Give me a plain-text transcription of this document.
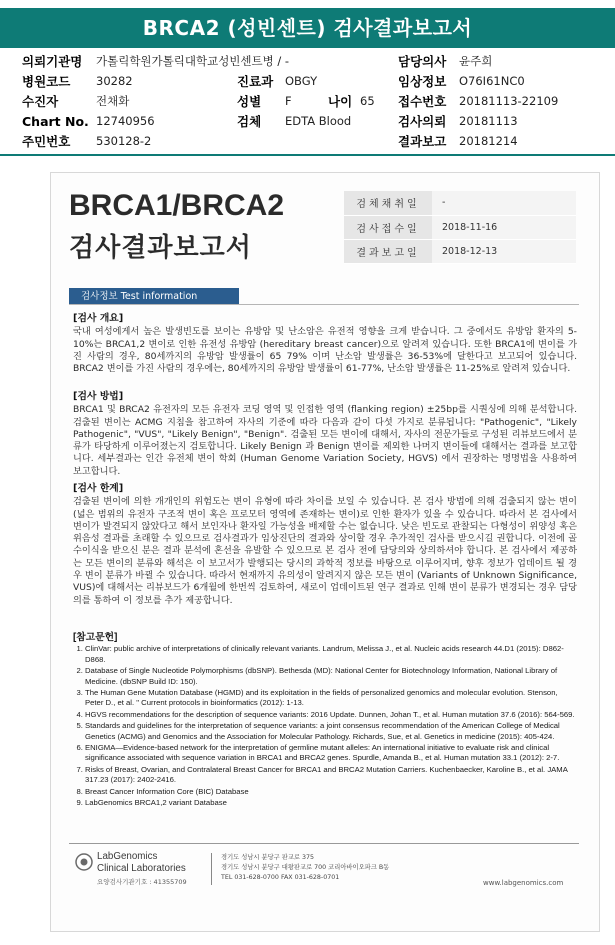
BRCA2 (성빈센트) 검사결과보고서
의뢰기관명 가톨릭학원가톨릭대학교성빈센트병 / -	담당의사 윤주희
병원코드 30282	진료과 OBGY	임상정보 O76I61NC0
수진자	전채화	성별 F	나이 65 접수번호 20181113-22109
Chart No. 12740956	검체 EDTA Blood	검사의뢰 20181113
주민번호 530128-2	결과보고 20181214
BRCA1/BRCA2
검사결과보고서
검체채취일	-
검사접수일	2018-11-16
결과보고일	2018-12-13
검사정보 Test information
[검사 개요]
국내 여성에게서 높은 발생빈도를 보이는 유방암 및 난소암은 유전적 영향을 크게 받습니다. 그 중에서도 유방암 환자의 5-10%는 BRCA1,2 변이로 인한 유전성 유방암 (hereditary breast cancer)으로 알려져 있습니다. 또한 BRCA1에 변이를 가진 사람의 경우, 80세까지의 유방암 발생률이 65 79% 이며 난소암 발생률은 36-53%에 달한다고 보고되어 있습니다. BRCA2 변이를 가진 사람의 경우에는, 80세까지의 유방암 발생률이 61-77%, 난소암 발생률은 11-25%로 알려져 있습니다.
[검사 방법]
BRCA1 및 BRCA2 유전자의 모든 유전자 코딩 영역 및 인접한 영역 (flanking region) ±25bp를 시퀀싱에 의해 분석합니다. 검출된 변이는 ACMG 지침을 참고하여 자사의 기준에 따라 다음과 같이 다섯 가지로 분류됩니다: "Pathogenic", "Likely Pathogenic", "VUS", "Likely Benign", "Benign". 검출된 모든 변이에 대해서, 자사의 전문가들로 구성된 리뷰보드에서 분류가 타당하게 이루어졌는지 검토합니다. Likely Benign 과 Benign 변이를 제외한 나머지 변이들에 대해서는 결과를 보고합니다. 세부결과는 인간 유전체 변이 학회 (Human Genome Variation Society, HGVS) 에서 권장하는 명명법을 사용하여 보고합니다.
[검사 한계]
검출된 변이에 의한 개개인의 위험도는 변이 유형에 따라 차이를 보일 수 있습니다. 본 검사 방법에 의해 검출되지 않는 변이 (넓은 범위의 유전자 구조적 변이 혹은 프로모터 영역에 존재하는 변이)로 인한 환자가 있을 수 있습니다. 따라서 본 검사에서 변이가 발견되지 않았다고 해서 보인자나 환자일 가능성을 배제할 수는 없습니다. 낮은 빈도로 관찰되는 다형성이 위양성 혹은 위음성 결과를 초래할 수 있으므로 검사결과가 임상진단의 결과와 상이할 경우 추가적인 검사를 받으시길 권합니다. 이전에 골수이식을 받으신 분은 결과 분석에 혼선을 유발할 수 있으므로 본 검사 전에 담당의와 상의하셔야 합니다. 본 검사에서 제공하는 모든 변이의 분류와 해석은 이 보고서가 발행되는 당시의 과학적 정보를 바탕으로 이루어지며, 향후 정보가 업데이트 될 경우 변이 분류가 바뀔 수 있습니다. 따라서 현재까지 유의성이 알려지지 않은 모든 변이 (Variants of Unknown Significance, VUS)에 대해서는 리뷰보드가 6개월에 한번씩 검토하여, 새로이 업데이트된 연구 결과로 인해 변이 분류가 변경되는 경우 담당의를 통하여 이 정보를 추가 제공합니다.
[참고문헌]
1. ClinVar: public archive of interpretations of clinically relevant variants. Landrum, Melissa J., et al. Nucleic acids research 44.D1 (2015): D862-D868.
2. Database of Single Nucleotide Polymorphisms (dbSNP). Bethesda (MD): National Center for Biotechnology Information, National Library of Medicine. (dbSNP Build ID: 150).
3. The Human Gene Mutation Database (HGMD) and its exploitation in the fields of personalized genomics and molecular evolution. Stenson, Peter D., et al. " Current protocols in bioinformatics (2012): 1-13.
4. HGVS recommendations for the description of sequence variants: 2016 Update. Dunnen, Johan T., et al. Human mutation 37.6 (2016): 564-569.
5. Standards and guidelines for the interpretation of sequence variants: a joint consensus recommendation of the American College of Medical Genetics (ACMG) and Genomics and the Association for Molecular Pathology. Richards, Sue, et al. Genetics in medicine (2015): 405-424.
6. ENIGMA—Evidence-based network for the interpretation of germline mutant alleles: An international initiative to evaluate risk and clinical significance associated with sequence variation in BRCA1 and BRCA2 genes. Spurdle, Amanda B., et al. Human mutation 33.1 (2012): 2-7.
7. Risks of Breast, Ovarian, and Contralateral Breast Cancer for BRCA1 and BRCA2 Mutation Carriers. Kuchenbaecker, Karoline B., et al. JAMA 317.23 (2017): 2402-2416.
8. Breast Cancer Information Core (BIC) Database
9. LabGenomics BRCA1,2 variant Database
LabGenomics
Clinical Laboratories
요양검사기관기호 : 41355709
경기도 성남시 분당구 판교로 375
경기도 성남시 분당구 대왕판교로 700 코리아바이오파크 B동
TEL 031-628-0700 FAX 031-628-0701
www.labgenomics.com
